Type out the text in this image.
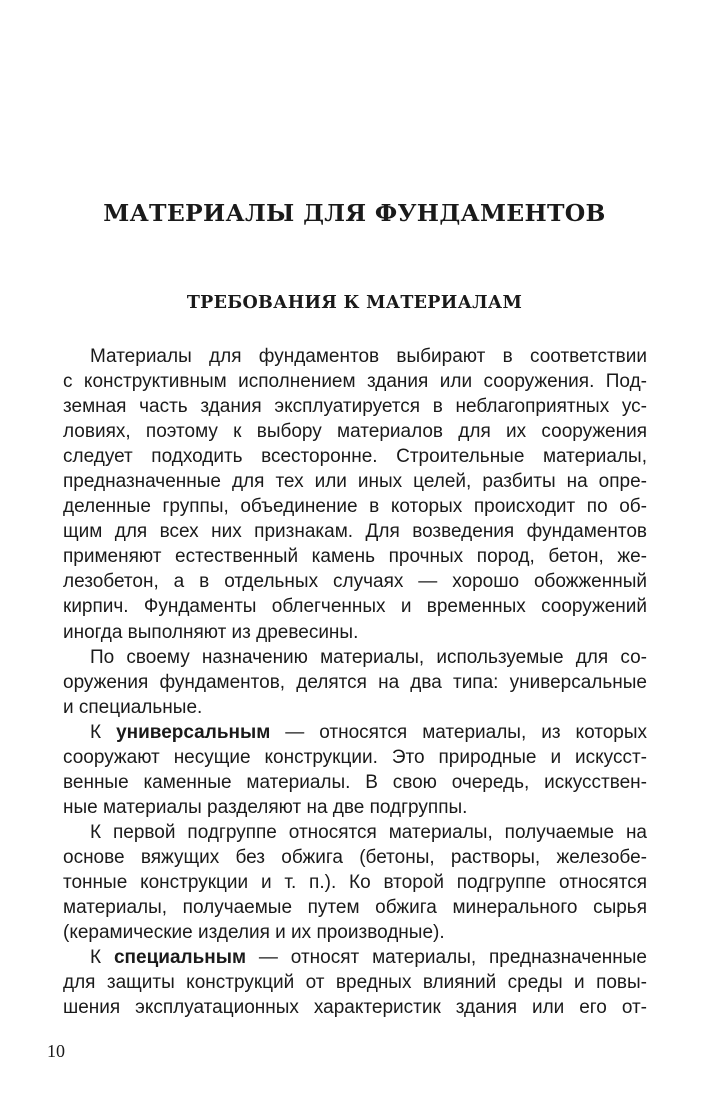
МАТЕРИАЛЫ ДЛЯ ФУНДАМЕНТОВ
ТРЕБОВАНИЯ К МАТЕРИАЛАМ
Материалы для фундаментов выбирают в соответствии
с конструктивным исполнением здания или сооружения. Под-
земная часть здания эксплуатируется в неблагоприятных ус-
ловиях, поэтому к выбору материалов для их сооружения
следует подходить всесторонне. Строительные материалы,
предназначенные для тех или иных целей, разбиты на опре-
деленные группы, объединение в которых происходит по об-
щим для всех них признакам. Для возведения фундаментов
применяют естественный камень прочных пород, бетон, же-
лезобетон, а в отдельных случаях — хорошо обожженный
кирпич. Фундаменты облегченных и временных сооружений
иногда выполняют из древесины.
По своему назначению материалы, используемые для со-
оружения фундаментов, делятся на два типа: универсальные
и специальные.
К универсальным — относятся материалы, из которых
сооружают несущие конструкции. Это природные и искусст-
венные каменные материалы. В свою очередь, искусствен-
ные материалы разделяют на две подгруппы.
К первой подгруппе относятся материалы, получаемые на
основе вяжущих без обжига (бетоны, растворы, железобе-
тонные конструкции и т. п.). Ко второй подгруппе относятся
материалы, получаемые путем обжига минерального сырья
(керамические изделия и их производные).
К специальным — относят материалы, предназначенные
для защиты конструкций от вредных влияний среды и повы-
шения эксплуатационных характеристик здания или его от-
10
